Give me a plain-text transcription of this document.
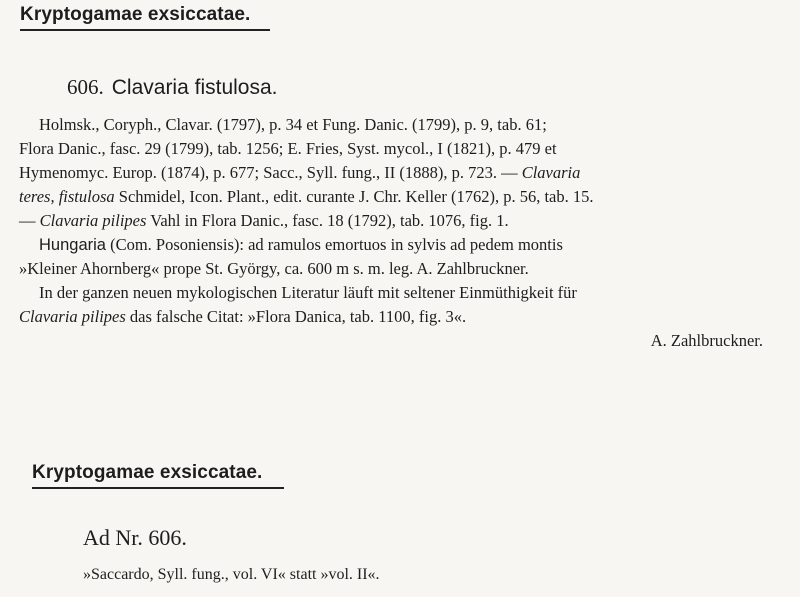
Kryptogamae exsiccatae.
606. Clavaria fistulosa.
Holmsk., Coryph., Clavar. (1797), p. 34 et Fung. Danic. (1799), p. 9, tab. 61;
Flora Danic., fasc. 29 (1799), tab. 1256; E. Fries, Syst. mycol., I (1821), p. 479 et
Hymenomyc. Europ. (1874), p. 677; Sacc., Syll. fung., II (1888), p. 723. — Clavaria
teres, fistulosa Schmidel, Icon. Plant., edit. curante J. Chr. Keller (1762), p. 56, tab. 15.
— Clavaria pilipes Vahl in Flora Danic., fasc. 18 (1792), tab. 1076, fig. 1.
Hungaria (Com. Posoniensis): ad ramulos emortuos in sylvis ad pedem montis
»Kleiner Ahornberg« prope St. György, ca. 600 m s. m. leg. A. Zahlbruckner.
In der ganzen neuen mykologischen Literatur läuft mit seltener Einmüthigkeit für
Clavaria pilipes das falsche Citat: »Flora Danica, tab. 1100, fig. 3«.
A. Zahlbruckner.
Kryptogamae exsiccatae.
Ad Nr. 606.
»Saccardo, Syll. fung., vol. VI« statt »vol. II«.
